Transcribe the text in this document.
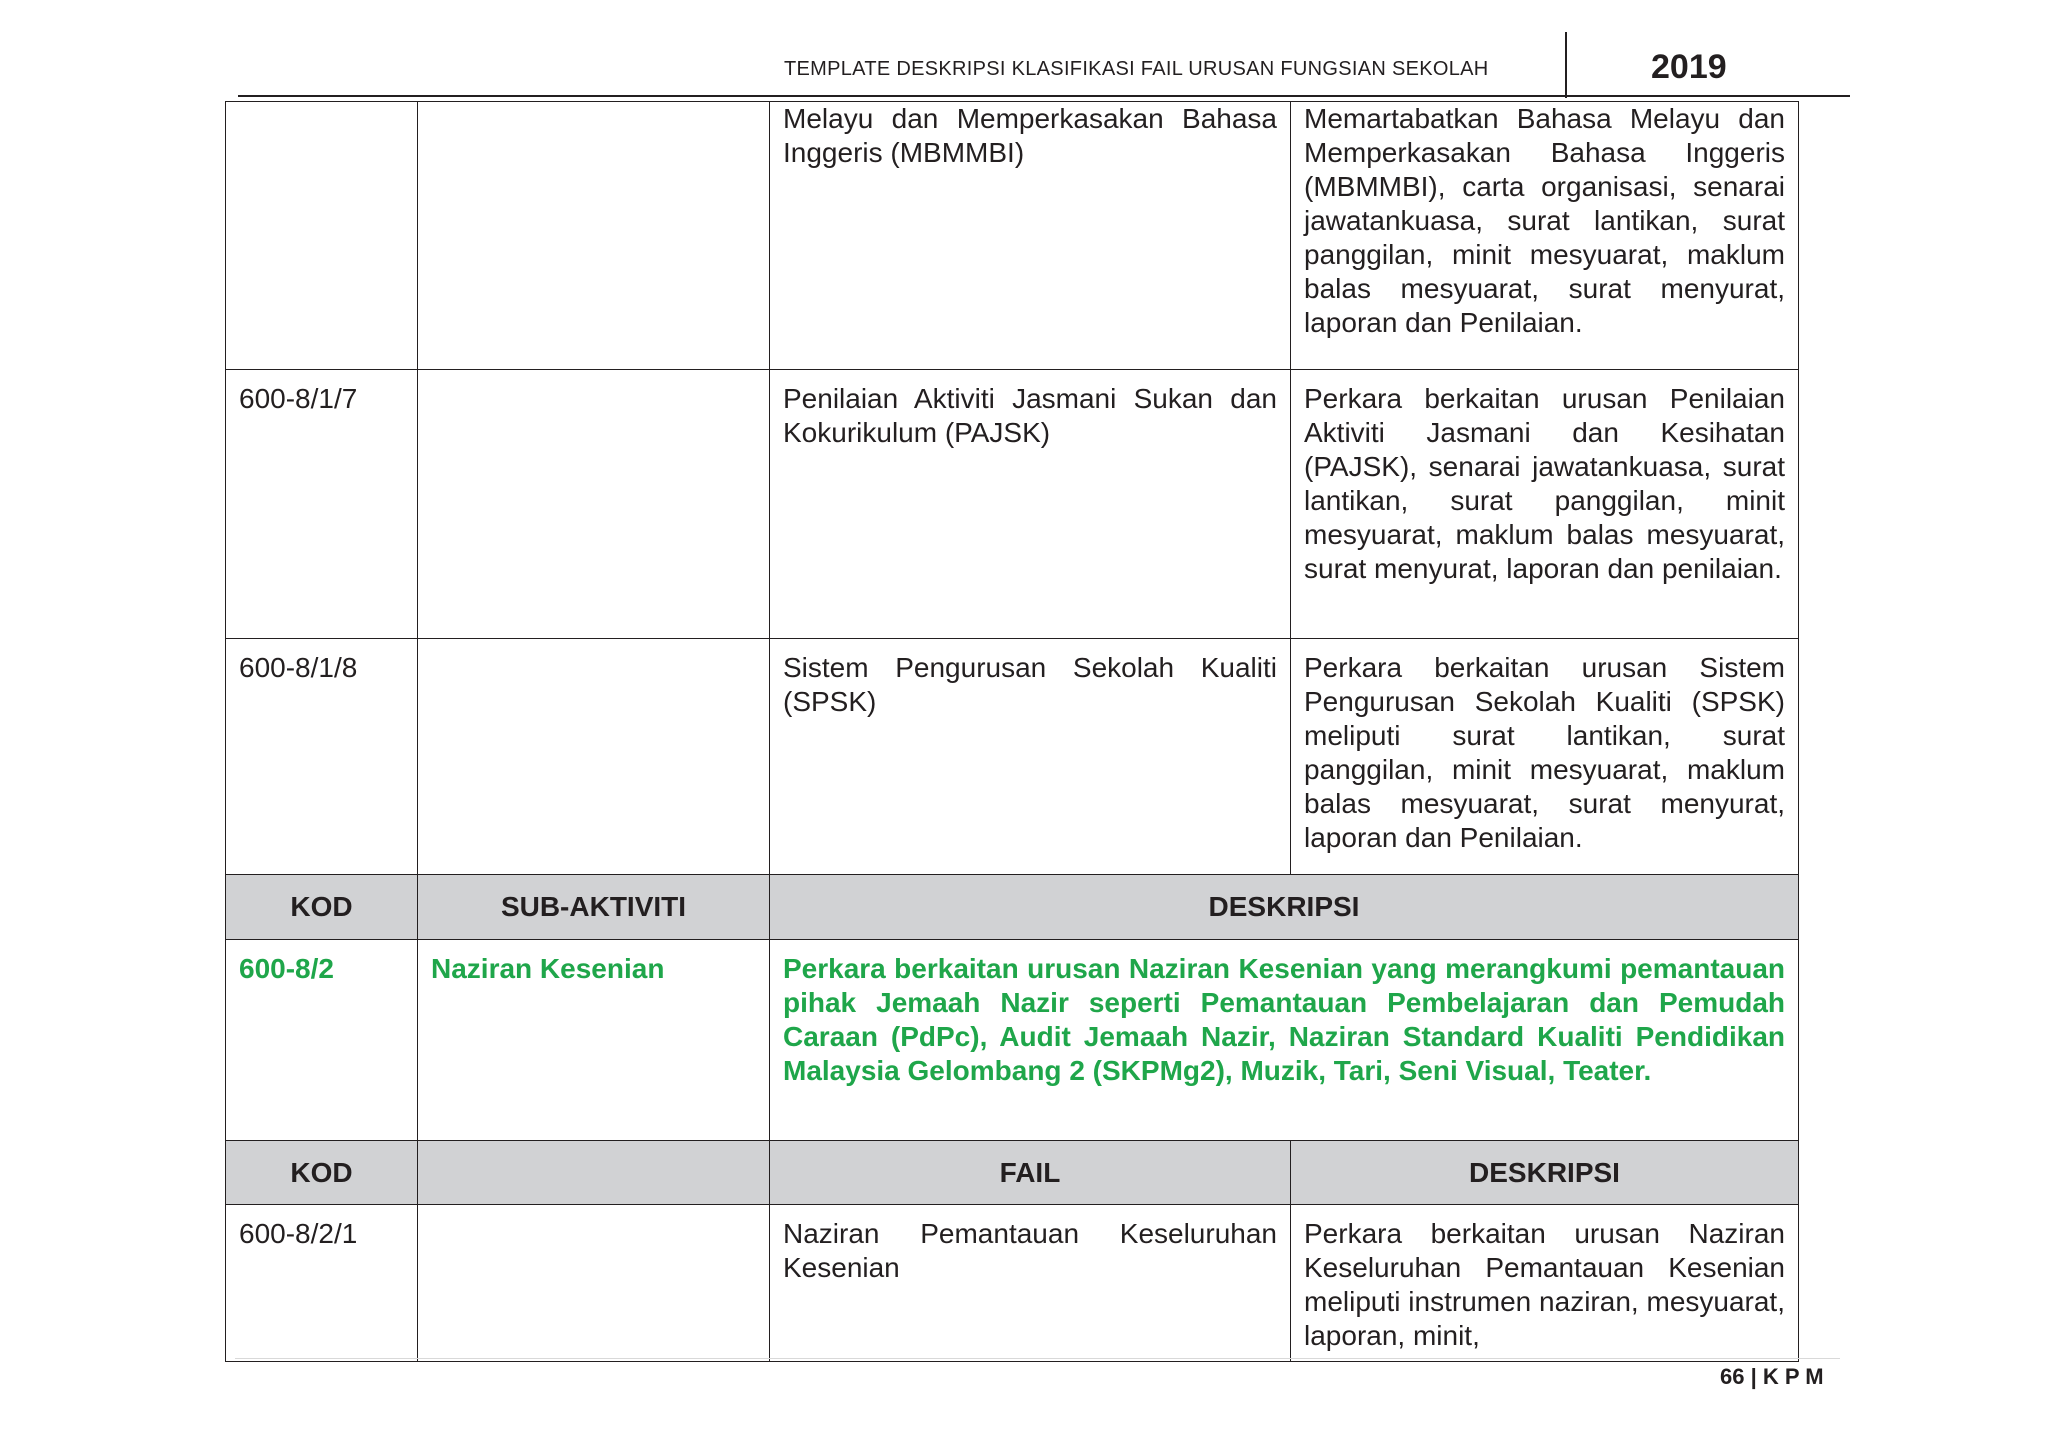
TEMPLATE DESKRIPSI KLASIFIKASI FAIL URUSAN FUNGSIAN SEKOLAH	2019
		Melayu dan Memperkasakan Bahasa Inggeris (MBMMBI)	Memartabatkan Bahasa Melayu dan Memperkasakan Bahasa Inggeris (MBMMBI), carta organisasi, senarai jawatankuasa, surat lantikan, surat panggilan, minit mesyuarat, maklum balas mesyuarat, surat menyurat, laporan dan Penilaian.
600-8/1/7		Penilaian Aktiviti Jasmani Sukan dan Kokurikulum (PAJSK)	Perkara berkaitan urusan Penilaian Aktiviti Jasmani dan Kesihatan (PAJSK), senarai jawatankuasa, surat lantikan, surat panggilan, minit mesyuarat, maklum balas mesyuarat, surat menyurat, laporan dan penilaian.
600-8/1/8		Sistem Pengurusan Sekolah Kualiti (SPSK)	Perkara berkaitan urusan Sistem Pengurusan Sekolah Kualiti (SPSK) meliputi surat lantikan, surat panggilan, minit mesyuarat, maklum balas mesyuarat, surat menyurat, laporan dan Penilaian.
KOD	SUB-AKTIVITI	DESKRIPSI	
600-8/2	Naziran Kesenian	Perkara berkaitan urusan Naziran Kesenian yang merangkumi pemantauan pihak Jemaah Nazir seperti Pemantauan Pembelajaran dan Pemudah Caraan (PdPc), Audit Jemaah Nazir, Naziran Standard Kualiti Pendidikan Malaysia Gelombang 2 (SKPMg2), Muzik, Tari, Seni Visual, Teater.	
KOD		FAIL	DESKRIPSI
600-8/2/1		Naziran Pemantauan Keseluruhan Kesenian	Perkara berkaitan urusan Naziran Keseluruhan Pemantauan Kesenian meliputi instrumen naziran, mesyuarat, laporan, minit,
66 | K P M
